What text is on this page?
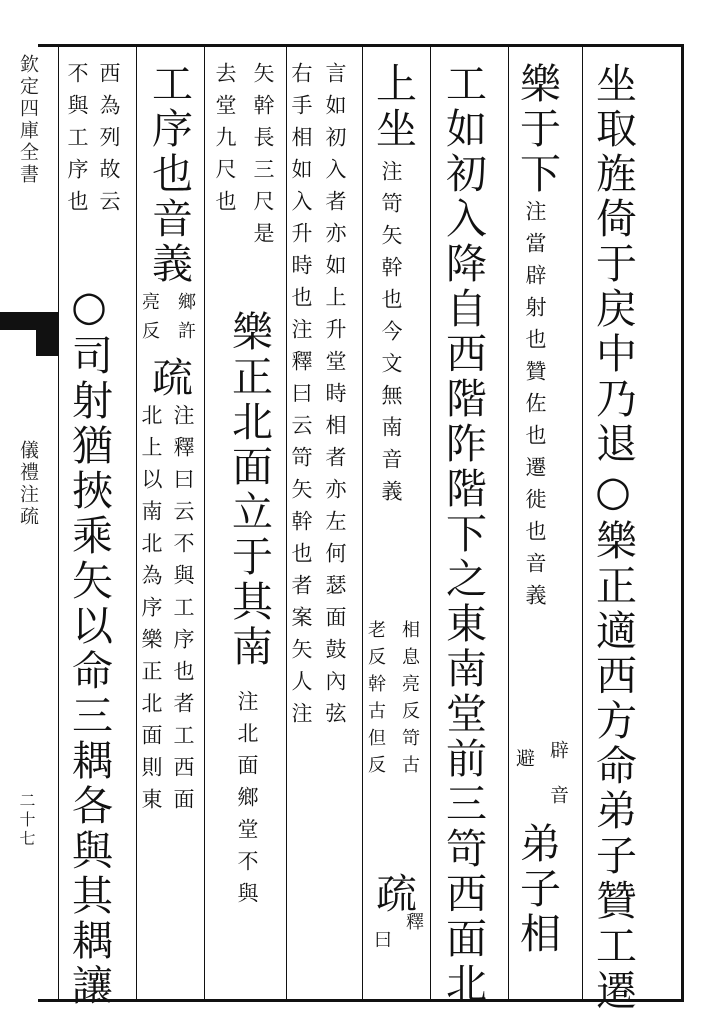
欽定四庫全書
儀禮注疏
二十七	坐取旌倚于戻中乃退○樂正適西方命弟子贊工遷
樂于下
注當辟射也贊佐也遷徙也音義
辟 音
避
弟子相
工如初入降自西階阼階下之東南堂前三笴西面北
上坐
注笴矢幹也今文無南音義
相息亮反笴古
老反幹古但反
疏
釋
曰
言如初入者亦如上升堂時相者亦左何瑟面鼓內弦
右手相如入升時也注釋曰云笴矢幹也者案矢人注
矢幹長三尺是
樂正北面立于其南
注北面鄉堂不與
去堂九尺也
工序也音義
鄉許
亮反
疏
注釋曰云不與工序也者工西面
北上以南北為序樂正北面則東
西為列故云
不與工序也
○司射猶挾乘矢以命三耦各與其耦讓
